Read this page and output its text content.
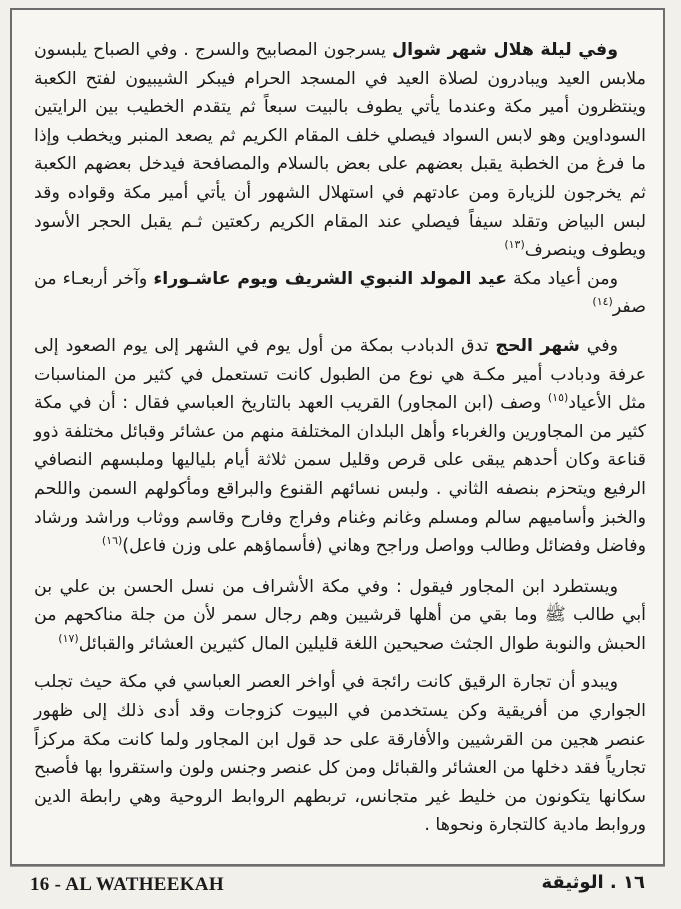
وفي ليلة هلال شهر شوال يسرجون المصابيح والسرج . وفي الصباح يلبسون ملابس العيد ويبادرون لصلاة العيد في المسجد الحرام فيبكر الشيبيون لفتح الكعبة وينتظرون أمير مكة وعندما يأتي يطوف بالبيت سبعاً ثم يتقدم الخطيب بين الرايتين السوداوين وهو لابس السواد فيصلي خلف المقام الكريم ثم يصعد المنبر ويخطب وإذا ما فرغ من الخطبة يقبل بعضهم على بعض بالسلام والمصافحة فيدخل بعضهم الكعبة ثم يخرجون للزيارة ومن عادتهم في استهلال الشهور أن يأتي أمير مكة وقواده وقد لبس البياض وتقلد سيفاً فيصلي عند المقام الكريم ركعتين ثـم يقبل الحجر الأسود ويطوف وينصرف$^{(١٣)}$

ومن أعياد مكة عيد المولد النبوي الشريف ويوم عاشـوراء وآخر أربعـاء من صفر$^{(١٤)}$

وفي شهر الحج تدق الدبادب بمكة من أول يوم في الشهر إلى يوم الصعود إلى عرفة ودبادب أمير مكـة هي نوع من الطبول كانت تستعمل في كثير من المناسبات مثل الأعياد$^{(١٥)}$ وصف (ابن المجاور) القريب العهد بالتاريخ العباسي فقال : أن في مكة كثير من المجاورين والغرباء وأهل البلدان المختلفة منهم من عشائر وقبائل مختلفة ذوو قناعة وكان أحدهم يبقى على قرص وقليل سمن ثلاثة أيام بلياليها وملبسهم النصافي الرفيع ويتحزم بنصفه الثاني . ولبس نسائهم القنوع والبراقع ومأكولهم السمن واللحم والخبز وأساميهم سالم ومسلم وغانم وغنام وفراج وفارح وقاسم ووثاب وراشد ورشاد وفاضل وفضائل وطالب وواصل وراجح وهاني (فأسماؤهم على وزن فاعل)$^{(١٦)}$

ويستطرد ابن المجاور فيقول : وفي مكة الأشراف من نسل الحسن بن علي بن أبي طالب ﷺ وما بقي من أهلها قرشيين وهم رجال سمر لأن من جلة مناكحهم من الحبش والنوبة طوال الجثث صحيحين اللغة قليلين المال كثيرين العشائر والقبائل$^{(١٧)}$

ويبدو أن تجارة الرقيق كانت رائجة في أواخر العصر العباسي في مكة حيث تجلب الجواري من أفريقية وكن يستخدمن في البيوت كزوجات وقد أدى ذلك إلى ظهور عنصر هجين من القرشيين والأفارقة على حد قول ابن المجاور ولما كانت مكة مركزاً تجارياً فقد دخلها من العشائر والقبائل ومن كل عنصر وجنس ولون واستقروا بها فأصبح سكانها يتكونون من خليط غير متجانس، تربطهم الروابط الروحية وهي رابطة الدين وروابط مادية كالتجارة ونحوها .

16 - AL WATHEEKAH	١٦ . الوثيقة
